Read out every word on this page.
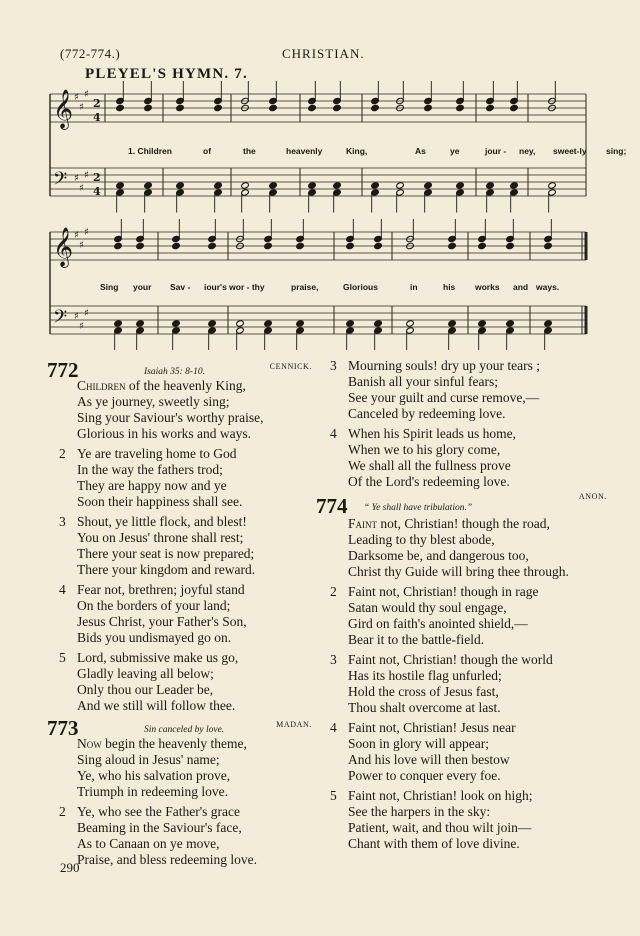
(772-774.)	CHRISTIAN.
PLEYEL'S HYMN. 7.
𝄞
𝄢
♯
♯
♯
2
4
♯
♯
♯ 2
4
𝄞
𝄢
♯
♯
♯
♯
♯
♯
1. Children	of	the	heavenly	King,	As	ye	jour - ney, sweet-ly sing;
Sing your Sav - iour's wor - thy	praise,	Glorious	in	his works and ways.
772	Isaiah 35: 8-10.
CENNICK.
Children of the heavenly King,
As ye journey, sweetly sing;
Sing your Saviour's worthy praise,
Glorious in his works and ways.
2 Ye are traveling home to God
In the way the fathers trod;
They are happy now and ye
Soon their happiness shall see.
3 Shout, ye little flock, and blest!
You on Jesus' throne shall rest;
There your seat is now prepared;
There your kingdom and reward.
4 Fear not, brethren; joyful stand
On the borders of your land;
Jesus Christ, your Father's Son,
Bids you undismayed go on.
5 Lord, submissive make us go,
Gladly leaving all below;
Only thou our Leader be,
And we still will follow thee.
773	Sin canceled by love.
MADAN.
Now begin the heavenly theme,
Sing aloud in Jesus' name;
Ye, who his salvation prove,
Triumph in redeeming love.
2 Ye, who see the Father's grace
Beaming in the Saviour's face,
As to Canaan on ye move,
Praise, and bless redeeming love.
3 Mourning souls! dry up your tears ;
Banish all your sinful fears;
See your guilt and curse remove,—
Canceled by redeeming love.
4 When his Spirit leads us home,
When we to his glory come,
We shall all the fullness prove
Of the Lord's redeeming love.
774 “ Ye shall have tribulation.”
ANON.
Faint not, Christian! though the road,
Leading to thy blest abode,
Darksome be, and dangerous too,
Christ thy Guide will bring thee through.
2 Faint not, Christian! though in rage
Satan would thy soul engage,
Gird on faith's anointed shield,—
Bear it to the battle-field.
3 Faint not, Christian! though the world
Has its hostile flag unfurled;
Hold the cross of Jesus fast,
Thou shalt overcome at last.
4 Faint not, Christian! Jesus near
Soon in glory will appear;
And his love will then bestow
Power to conquer every foe.
5 Faint not, Christian! look on high;
See the harpers in the sky:
Patient, wait, and thou wilt join—
Chant with them of love divine.
290
